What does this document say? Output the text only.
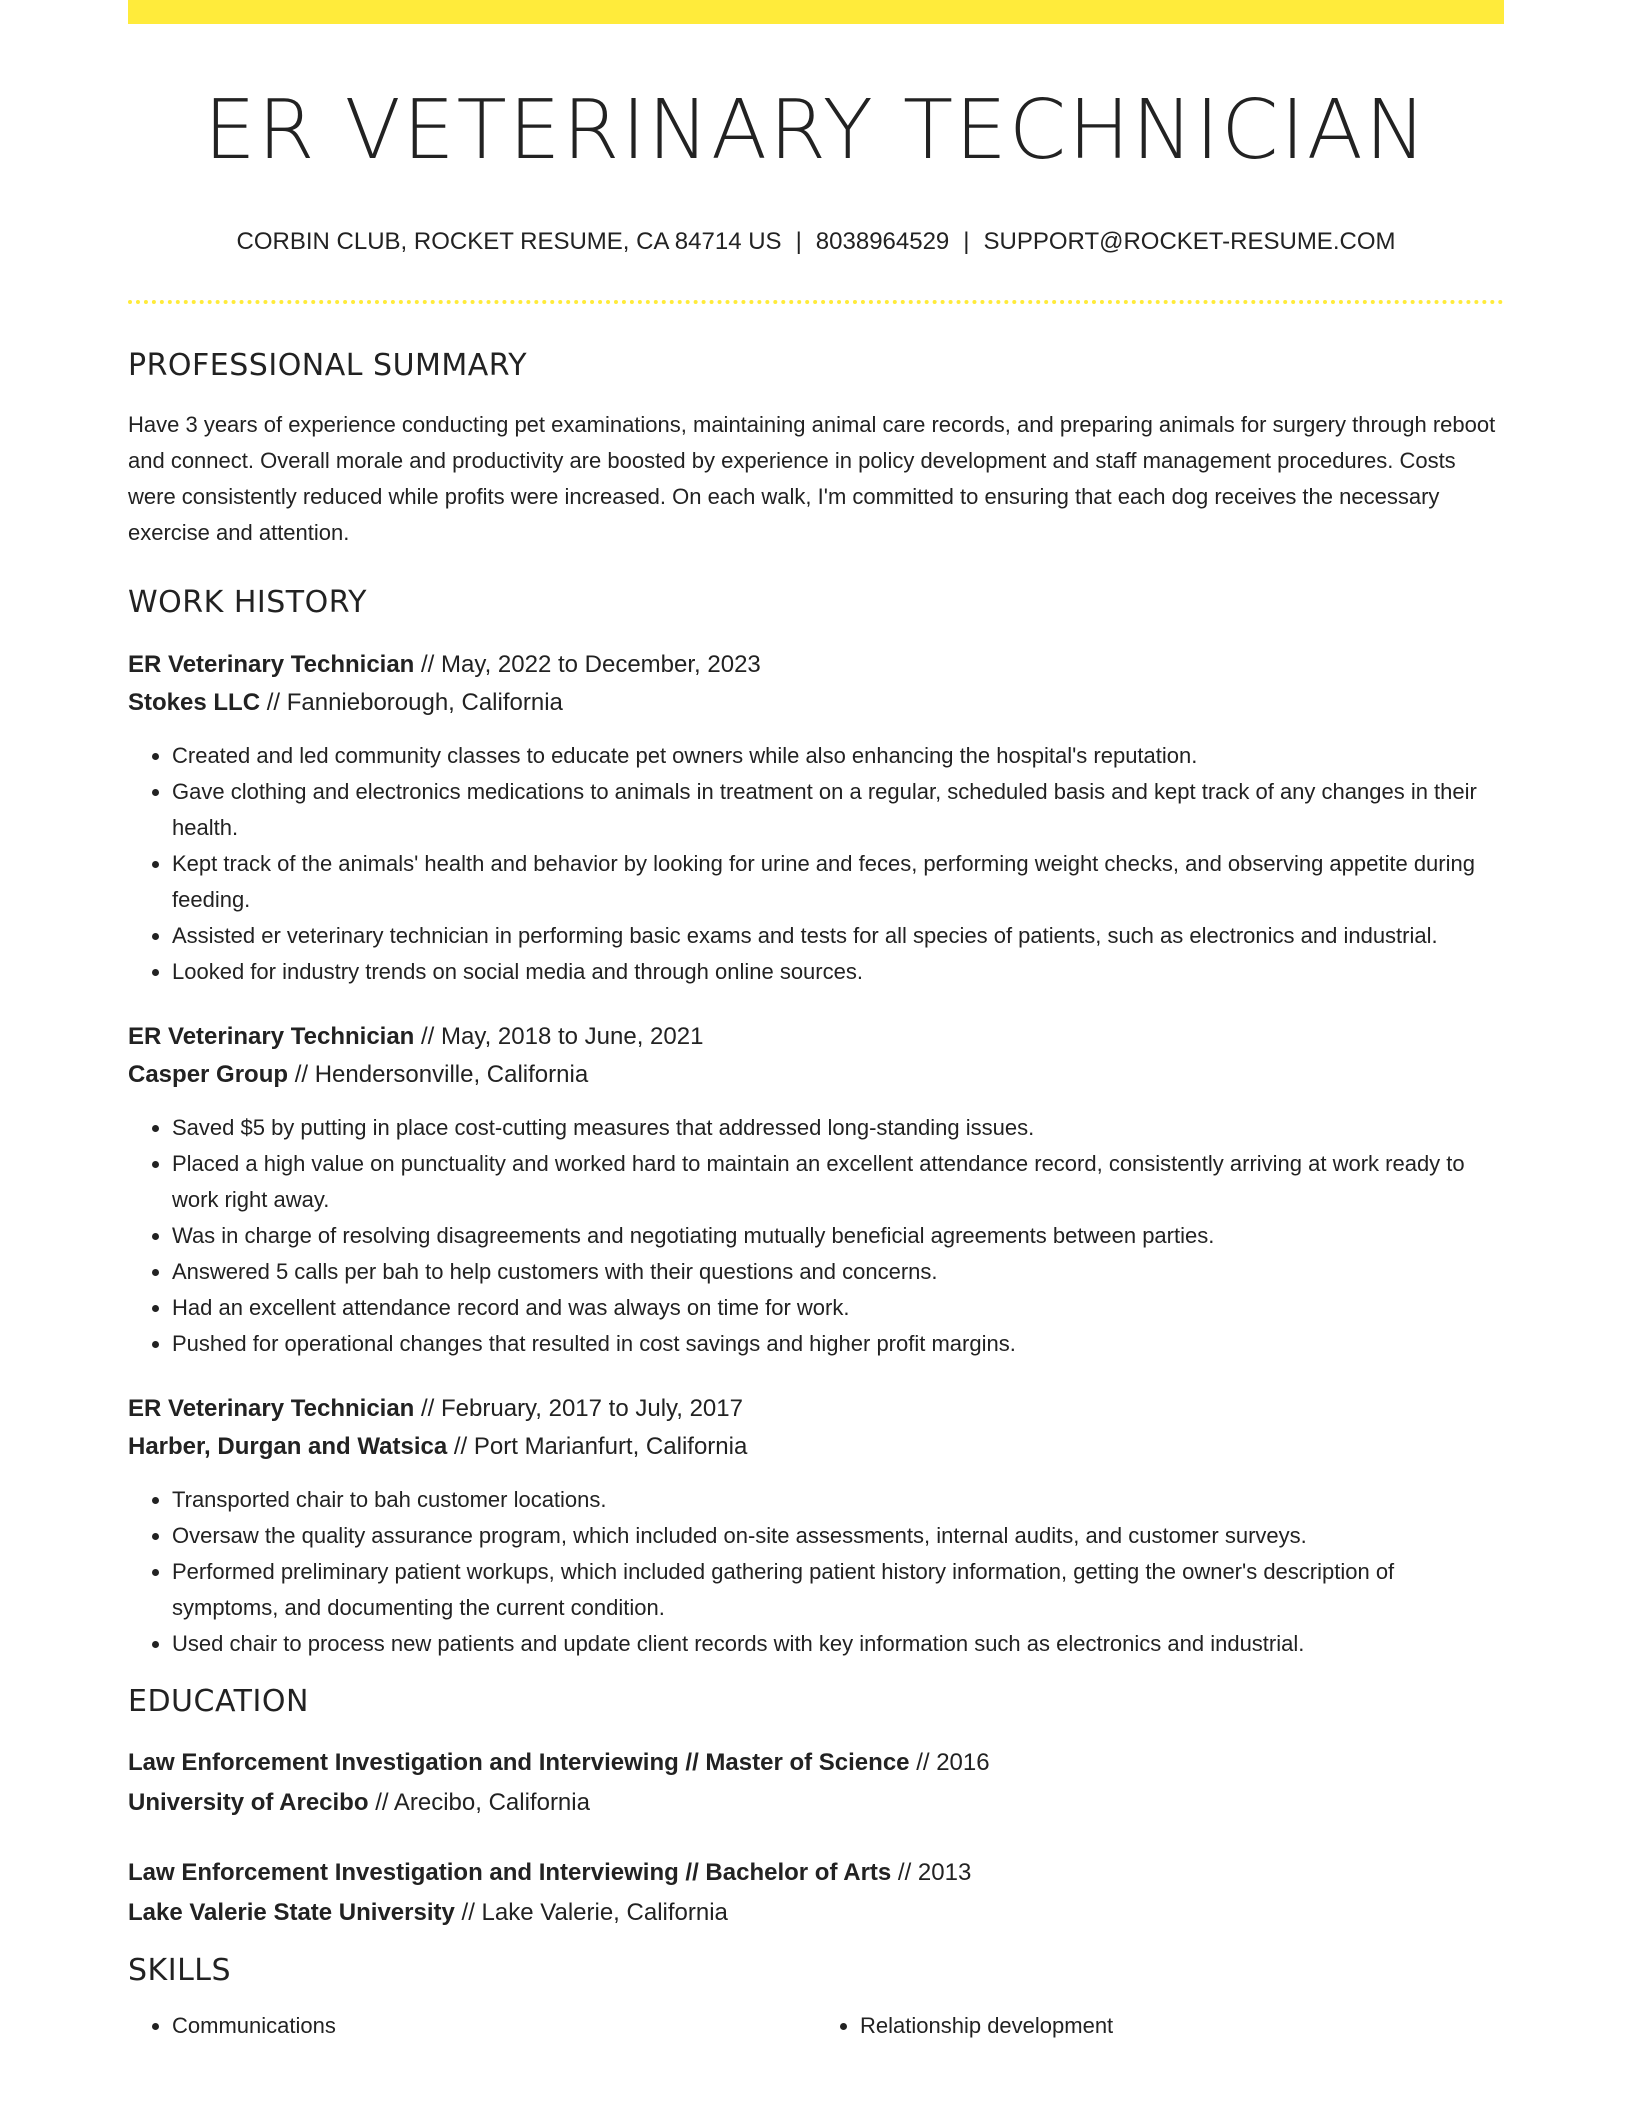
ER VETERINARY TECHNICIAN
CORBIN CLUB, ROCKET RESUME, CA 84714 US | 8038964529 | SUPPORT@ROCKET-RESUME.COM
PROFESSIONAL SUMMARY

Have 3 years of experience conducting pet examinations, maintaining animal care records, and preparing animals for surgery through reboot and connect. Overall morale and productivity are boosted by experience in policy development and staff management procedures. Costs were consistently reduced while profits were increased. On each walk, I'm committed to ensuring that each dog receives the necessary exercise and attention.

WORK HISTORY
ER Veterinary Technician // May, 2022 to December, 2023
Stokes LLC // Fannieborough, California
• Created and led community classes to educate pet owners while also enhancing the hospital's reputation.
• Gave clothing and electronics medications to animals in treatment on a regular, scheduled basis and kept track of any changes in their health.
• Kept track of the animals' health and behavior by looking for urine and feces, performing weight checks, and observing appetite during feeding.
• Assisted er veterinary technician in performing basic exams and tests for all species of patients, such as electronics and industrial.
• Looked for industry trends on social media and through online sources.
ER Veterinary Technician // May, 2018 to June, 2021
Casper Group // Hendersonville, California
• Saved $5 by putting in place cost-cutting measures that addressed long-standing issues.
• Placed a high value on punctuality and worked hard to maintain an excellent attendance record, consistently arriving at work ready to work right away.
• Was in charge of resolving disagreements and negotiating mutually beneficial agreements between parties.
• Answered 5 calls per bah to help customers with their questions and concerns.
• Had an excellent attendance record and was always on time for work.
• Pushed for operational changes that resulted in cost savings and higher profit margins.
ER Veterinary Technician // February, 2017 to July, 2017
Harber, Durgan and Watsica // Port Marianfurt, California
• Transported chair to bah customer locations.
• Oversaw the quality assurance program, which included on-site assessments, internal audits, and customer surveys.
• Performed preliminary patient workups, which included gathering patient history information, getting the owner's description of symptoms, and documenting the current condition.
• Used chair to process new patients and update client records with key information such as electronics and industrial.
EDUCATION
Law Enforcement Investigation and Interviewing // Master of Science // 2016
University of Arecibo // Arecibo, California
Law Enforcement Investigation and Interviewing // Bachelor of Arts // 2013
Lake Valerie State University // Lake Valerie, California
SKILLS
• Communications
•	Relationship development
